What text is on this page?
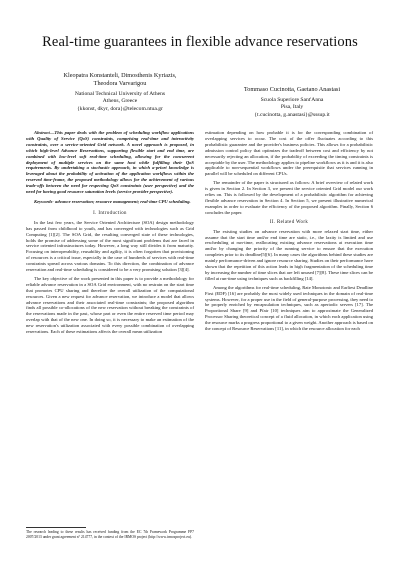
Real-time guarantees in flexible advance reservations
Kleopatra Konstanteli, Dimosthenis Kyriazis,
Theodora Varvarigou
National Technical University of Athens
Athens, Greece
{kkonst, dkyr, dora}@telecom.ntua.gr
Tommaso Cucinotta, Gaetano Anastasi
Scuola Superiore Sant'Anna
Pisa, Italy
{t.cucinotta, g.anastasi}@sssup.it

Abstract—This paper deals with the problem of scheduling workflow applications with Quality of Service (QoS) constraints, comprising real-time and interactivity constraints, over a service-oriented Grid network. A novel approach is proposed, in which high-level Advance Reservations, supporting flexible start and end time, are combined with low-level soft real-time scheduling, allowing for the concurrent deployment of multiple services on the same host while fulfilling their QoS requirements. By undertaking a stochastic approach, in which a-priori knowledge is leveraged about the probability of activation of the application workflows within the reserved time-frame, the proposed methodology allows for the achievement of various trade-offs between the need for respecting QoS constraints (user perspective) and the need for having good resource saturation levels (service provider perspective).

Keywords- advance reservation; resource management; real-time CPU scheduling.

I. Introduction

In the last few years, the Service Oriented Architecture (SOA) design methodology has passed from childhood to youth, and has converged with technologies such as Grid Computing [1][2]. The SOA Grid, the resulting converged state of these technologies, holds the promise of addressing some of the most significant problems that are faced in service oriented infrastructures today. However, a long way still divides it from maturity. Focusing on interoperability, reusability and agility, it is often forgotten that provisioning of resources is a critical issue, especially in the case of hundreds of services with real-time constraints spread across various domains. To this direction, the combination of advance reservation and real-time scheduling is considered to be a very promising solution [3][4].

The key objective of the work presented in this paper is to provide a methodology for reliable advance reservation in a SOA Grid environment, with no restrain on the start time that promotes CPU sharing and therefore the overall utilization of the computational resources. Given a new request for advance reservation, we introduce a model that allows advance reservations and their associated real-time constraints; the proposed algorithm finds all possible co-allocations of the new reservation without breaking the constraints of the reservations made in the past, whose part or even the entire reserved time period may overlap with that of the new one. In doing so, it is necessary to make an estimation of the new reservation's utilization associated with every possible combination of overlapping reservations. Each of these estimations affects the overall mean utilization

estimation depending on how probable it is for the corresponding combination of overlapping services to occur. The cost of the offer fluctuates according to this probabilistic guarantee and the provider's business policies. This allows for a probabilistic admission control policy that optimizes the tradeoff between cost and efficiency by not necessarily rejecting an allocation, if the probability of exceeding the timing constraints is acceptable by the user. The methodology applies to pipeline workflows as it is and it is also applicable to non-sequential workflows under the prerequisite that services running in parallel will be scheduled on different CPUs.

The remainder of the paper is structured as follows: A brief overview of related work is given in Section 2. In Section 3, we present the service oriented Grid model our work relies on. This is followed by the development of a probabilistic algorithm for achieving flexible advance reservation in Section 4. In Section 5, we present illustrative numerical examples in order to evaluate the efficiency of the proposed algorithm. Finally, Section 6 concludes the paper.

II. Related Work

The existing studies on advance reservation with more relaxed start time, either assume that the start time and/or end time are static, i.e., the laxity is limited and use rescheduling at run-time, reallocating existing advance reservations at execution time and/or by changing the priority of the running service to ensure that the execution completes prior to its deadline[5][6]. In many cases the algorithms behind these studies are mainly performance-driven and ignore resource sharing. Studies on their performance have shown that the repetition of this action leads in high fragmentation of the scheduling time by increasing the number of time slices that are left unused [7][8]. These time slices can be filled at run-time using techniques such as backfilling [14].

Among the algorithms for real-time scheduling, Rate Monotonic and Earliest Deadline First (EDF) [16] are probably the most widely used techniques in the domain of real-time systems. However, for a proper use in the field of general-purpose processing, they need to be properly enriched by encapsulation techniques, such as aperiodic servers [17]. The Proportional Share [9] and Pfair [10] techniques aim to approximate the Generalized Processor Sharing theoretical concept of a fluid allocation, in which each application using the resource marks a progress proportional to a given weight. Another approach is based on the concept of Resource Reservations [11], in which the resource allocation for each

The research leading to these results has received funding from the EC 7th Framework Programme FP7 2007/2013 under grant agreement n° 214777, in the context of the IRMOS project (http://www.irmosproject.eu).
